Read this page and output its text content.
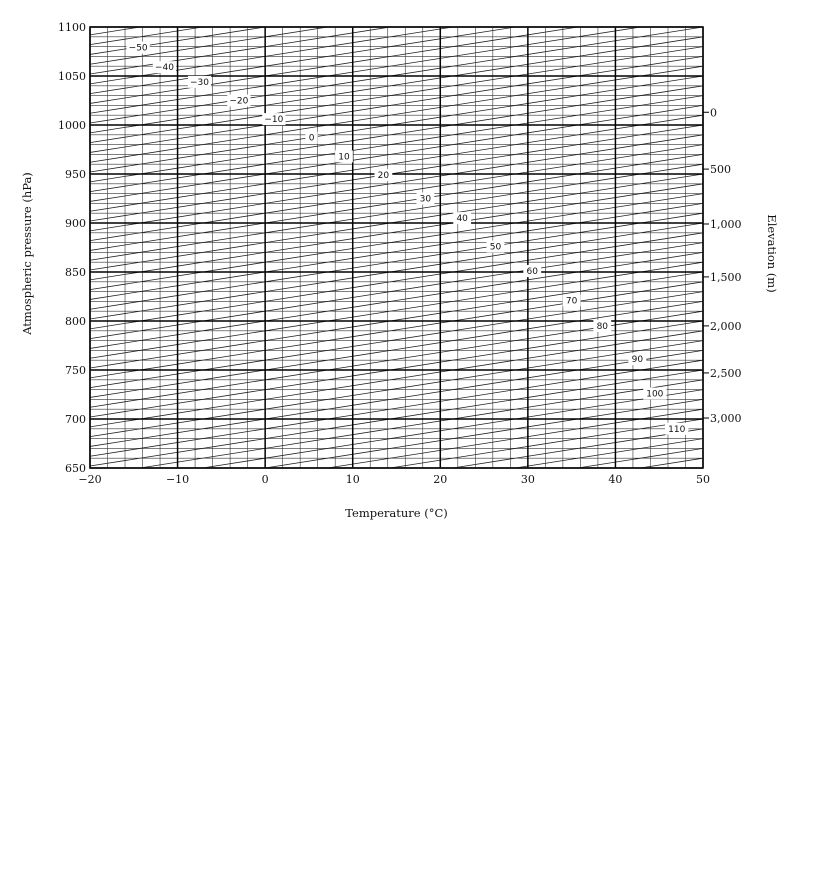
−50
−40
−30
−20
−10
0
10
20
30
40
50
60
70
80
90
100
110
−20	−10	0	10	20	30	40	50
650
700
750
800
850
900
950
1000
1050
1100
0
500
1,000
1,500
2,000
2,500
3,000
Temperature (°C)
Atmospheric pressure (hPa)	Elevation (m)
